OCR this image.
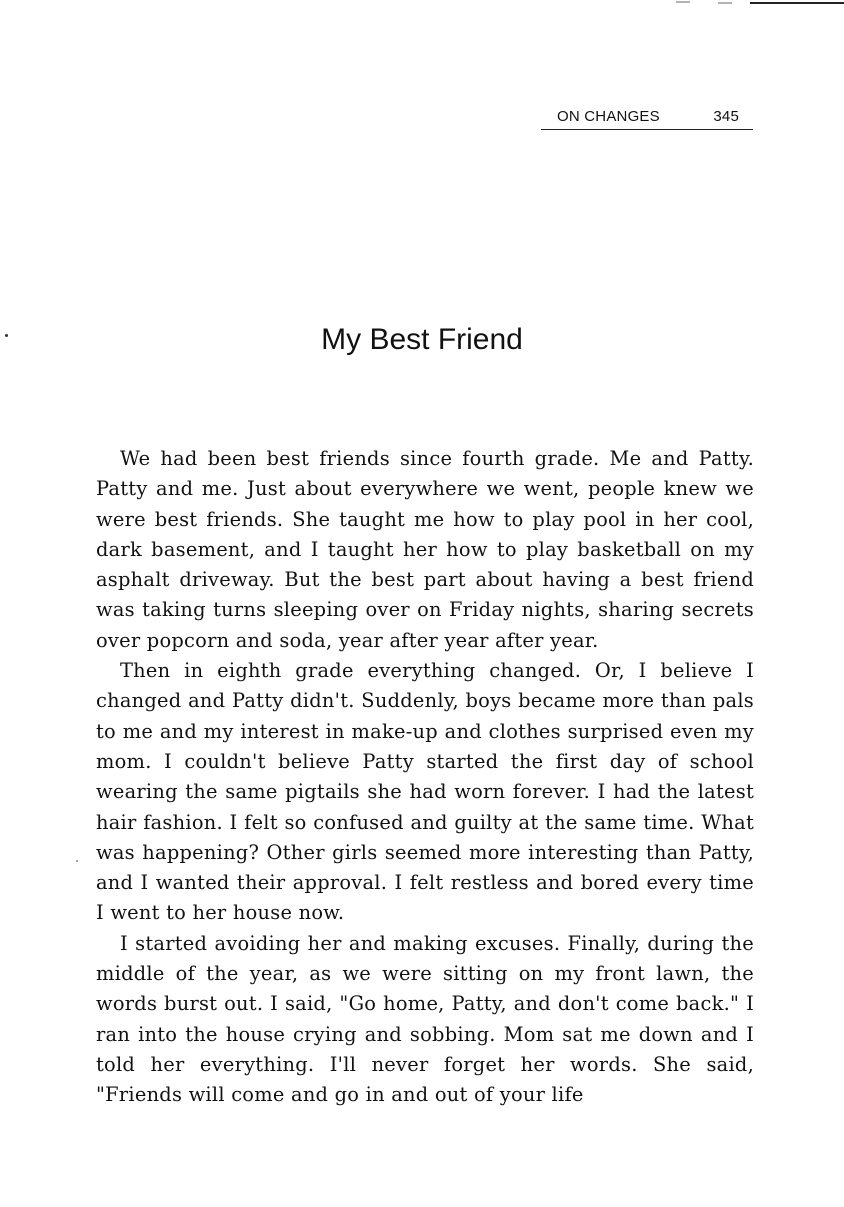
ON CHANGES	345
My Best Friend

We had been best friends since fourth grade. Me and Patty. Patty and me. Just about everywhere we went, people knew we were best friends. She taught me how to play pool in her cool, dark basement, and I taught her how to play basketball on my asphalt driveway. But the best part about having a best friend was taking turns sleeping over on Friday nights, sharing secrets over popcorn and soda, year after year after year.

Then in eighth grade everything changed. Or, I believe I changed and Patty didn't. Suddenly, boys became more than pals to me and my interest in make-up and clothes surprised even my mom. I couldn't believe Patty started the first day of school wearing the same pigtails she had worn forever. I had the latest hair fashion. I felt so confused and guilty at the same time. What was happening? Other girls seemed more interesting than Patty, and I wanted their approval. I felt restless and bored every time I went to her house now.

I started avoiding her and making excuses. Finally, during the middle of the year, as we were sitting on my front lawn, the words burst out. I said, "Go home, Patty, and don't come back." I ran into the house crying and sobbing. Mom sat me down and I told her everything. I'll never forget her words. She said, "Friends will come and go in and out of your life
